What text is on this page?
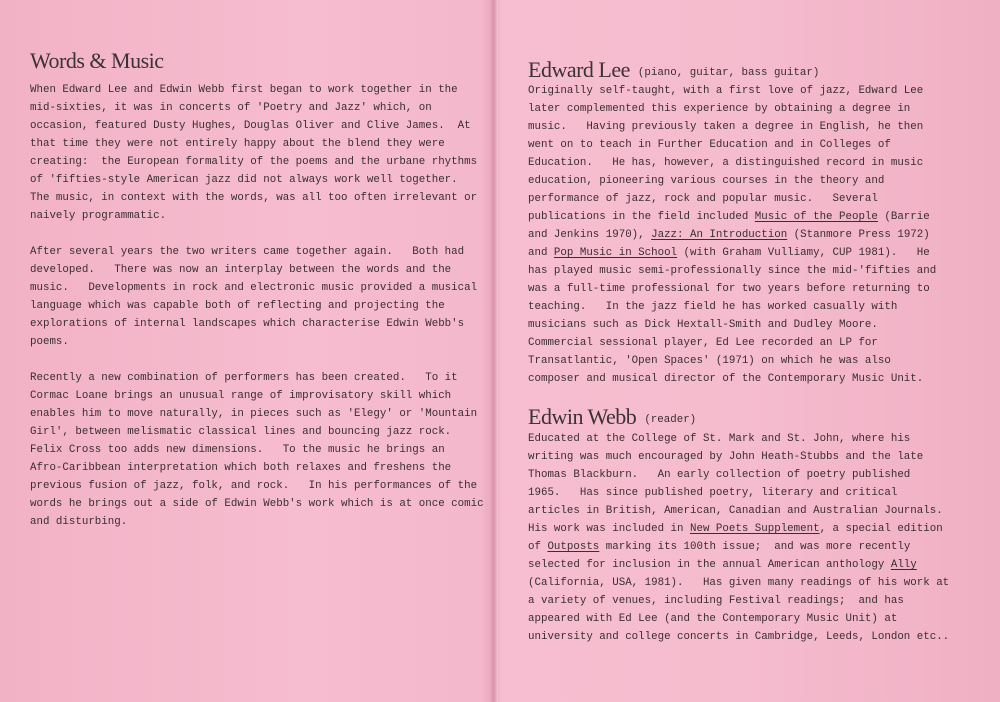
Words & Music
When Edward Lee and Edwin Webb first began to work together in the
mid-sixties, it was in concerts of 'Poetry and Jazz' which, on
occasion, featured Dusty Hughes, Douglas Oliver and Clive James.  At
that time they were not entirely happy about the blend they were
creating:  the European formality of the poems and the urbane rhythms
of 'fifties-style American jazz did not always work well together.
The music, in context with the words, was all too often irrelevant or
naively programmatic.
After several years the two writers came together again.   Both had
developed.   There was now an interplay between the words and the
music.   Developments in rock and electronic music provided a musical
language which was capable both of reflecting and projecting the
explorations of internal landscapes which characterise Edwin Webb's
poems.
Recently a new combination of performers has been created.   To it
Cormac Loane brings an unusual range of improvisatory skill which
enables him to move naturally, in pieces such as 'Elegy' or 'Mountain
Girl', between melismatic classical lines and bouncing jazz rock.
Felix Cross too adds new dimensions.   To the music he brings an
Afro-Caribbean interpretation which both relaxes and freshens the
previous fusion of jazz, folk, and rock.   In his performances of the
words he brings out a side of Edwin Webb's work which is at once comic
and disturbing.
Edward Lee (piano, guitar, bass guitar)
Originally self-taught, with a first love of jazz, Edward Lee
later complemented this experience by obtaining a degree in
music.   Having previously taken a degree in English, he then
went on to teach in Further Education and in Colleges of
Education.   He has, however, a distinguished record in music
education, pioneering various courses in the theory and
performance of jazz, rock and popular music.   Several
publications in the field included Music of the People (Barrie
and Jenkins 1970), Jazz: An Introduction (Stanmore Press 1972)
and Pop Music in School (with Graham Vulliamy, CUP 1981).   He
has played music semi-professionally since the mid-'fifties and
was a full-time professional for two years before returning to
teaching.   In the jazz field he has worked casually with
musicians such as Dick Hextall-Smith and Dudley Moore.
Commercial sessional player, Ed Lee recorded an LP for
Transatlantic, 'Open Spaces' (1971) on which he was also
composer and musical director of the Contemporary Music Unit.
Edwin Webb (reader)
Educated at the College of St. Mark and St. John, where his
writing was much encouraged by John Heath-Stubbs and the late
Thomas Blackburn.   An early collection of poetry published
1965.   Has since published poetry, literary and critical
articles in British, American, Canadian and Australian Journals.
His work was included in New Poets Supplement, a special edition
of Outposts marking its 100th issue;  and was more recently
selected for inclusion in the annual American anthology Ally
(California, USA, 1981).   Has given many readings of his work at
a variety of venues, including Festival readings;  and has
appeared with Ed Lee (and the Contemporary Music Unit) at
university and college concerts in Cambridge, Leeds, London etc..
